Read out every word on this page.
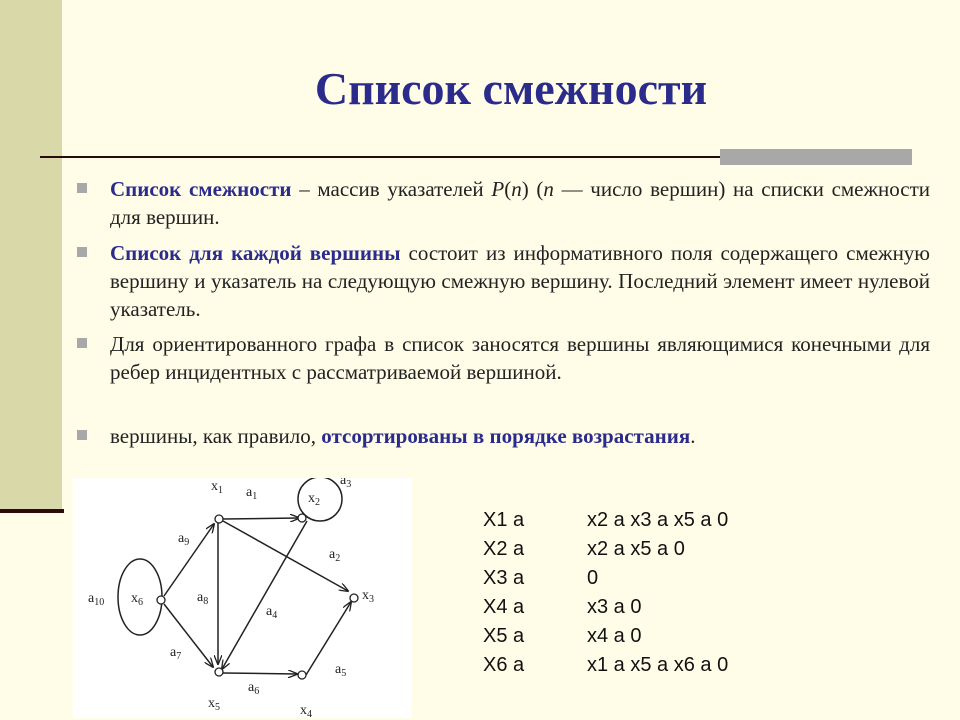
Список смежности
Список смежности – массив указателей P(n) (n — число вершин) на списки смежности для вершин.
Список для каждой вершины состоит из информативного поля содержащего смежную вершину и указатель на следующую смежную вершину. Последний элемент имеет нулевой указатель.
Для ориентированного графа в список заносятся вершины являющимися конечными для ребер инцидентных с рассматриваемой вершиной.
вершины, как правило, отсортированы в порядке возрастания.
$x_1$
$x_2$
$x_3$
$x_4$
$x_5$
$x_6$
$a_1$
$a_2$
$a_3$
$a_4$
$a_5$
$a_6$
$a_7$
$a_8$
$a_9$
$a_{10}$
X1 a	x2 a x3 a x5 a 0
X2 a	x2 a x5 a 0
X3 a	0
X4 a	x3 a 0
X5 a	x4 a 0
X6 a	x1 a x5 a x6 a 0
